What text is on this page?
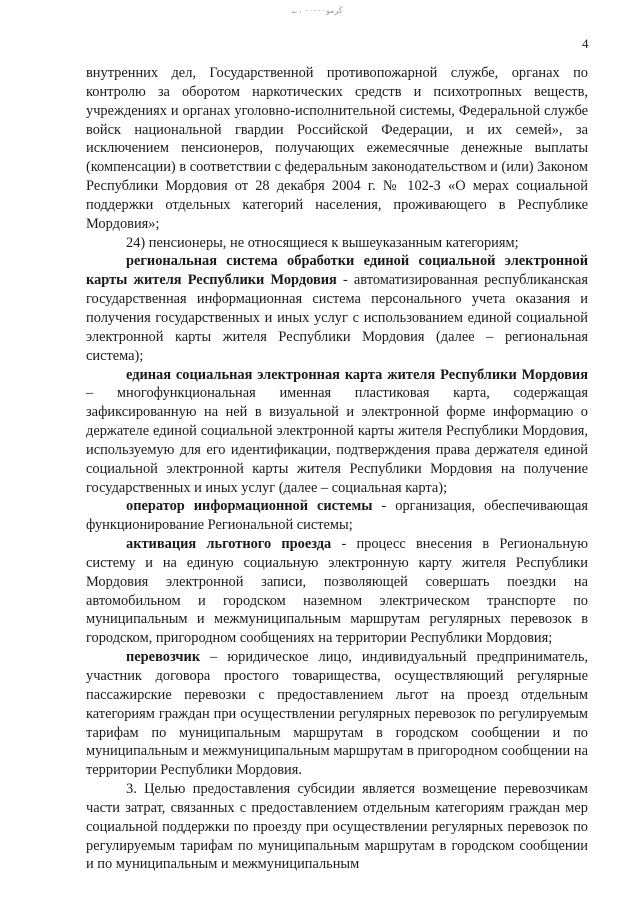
ڭرﻣﻮ٠٠٠٠٠ ، ـﺒ
4

внутренних дел, Государственной противопожарной службе, органах по контролю за оборотом наркотических средств и психотропных веществ, учреждениях и органах уголовно-исполнительной системы, Федеральной службе войск национальной гвардии Российской Федерации, и их семей», за исключением пенсионеров, получающих ежемесячные денежные выплаты (компенсации) в соответствии с федеральным законодательством и (или) Законом Республики Мордовия от 28 декабря 2004 г. № 102-З «О мерах социальной поддержки отдельных категорий населения, проживающего в Республике Мордовия»;

24) пенсионеры, не относящиеся к вышеуказанным категориям;

региональная система обработки единой социальной электронной карты жителя Республики Мордовия - автоматизированная республиканская государственная информационная система персонального учета оказания и получения государственных и иных услуг с использованием единой социальной электронной карты жителя Республики Мордовия (далее – региональная система);

единая социальная электронная карта жителя Республики Мордовия – многофункциональная именная пластиковая карта, содержащая зафиксированную на ней в визуальной и электронной форме информацию о держателе единой социальной электронной карты жителя Республики Мордовия, используемую для его идентификации, подтверждения права держателя единой социальной электронной карты жителя Республики Мордовия на получение государственных и иных услуг (далее – социальная карта);

оператор информационной системы - организация, обеспечивающая функционирование Региональной системы;

активация льготного проезда - процесс внесения в Региональную систему и на единую социальную электронную карту жителя Республики Мордовия электронной записи, позволяющей совершать поездки на автомобильном и городском наземном электрическом транспорте по муниципальным и межмуниципальным маршрутам регулярных перевозок в городском, пригородном сообщениях на территории Республики Мордовия;

перевозчик – юридическое лицо, индивидуальный предприниматель, участник договора простого товарищества, осуществляющий регулярные пассажирские перевозки с предоставлением льгот на проезд отдельным категориям граждан при осуществлении регулярных перевозок по регулируемым тарифам по муниципальным маршрутам в городском сообщении и по муниципальным и межмуниципальным маршрутам в пригородном сообщении на территории Республики Мордовия.

3. Целью предоставления субсидии является возмещение перевозчикам части затрат, связанных с предоставлением отдельным категориям граждан мер социальной поддержки по проезду при осуществлении регулярных перевозок по регулируемым тарифам по муниципальным маршрутам в городском сообщении и по муниципальным и межмуниципальным
